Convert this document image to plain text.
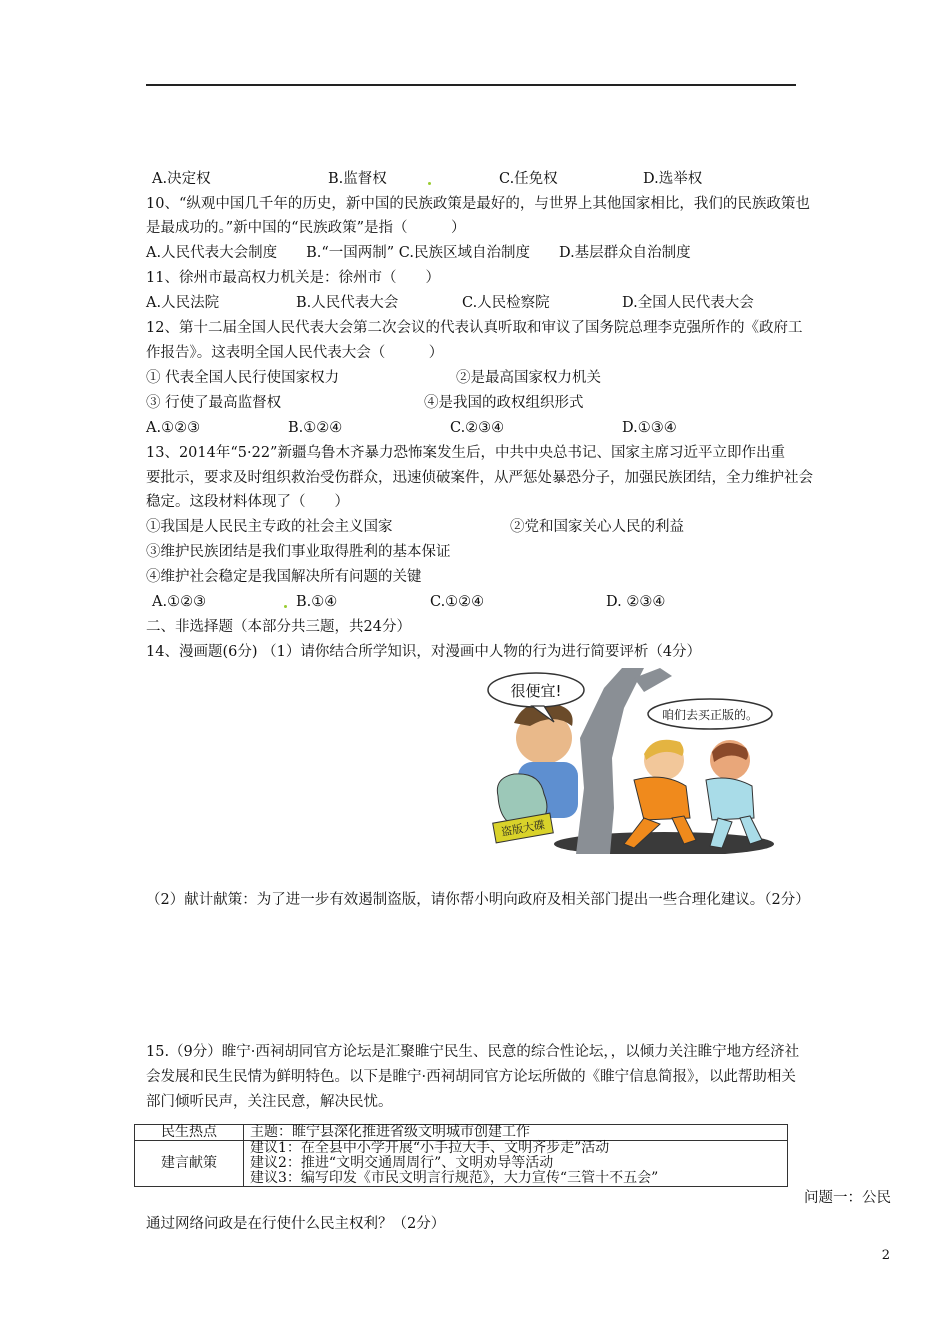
A.决定权	B.监督权	C.任免权	D.选举权
10、“纵观中国几千年的历史，新中国的民族政策是最好的，与世界上其他国家相比，我们的民族政策也
是最成功的。”新中国的“民族政策”是指（　　　）
A.人民代表大会制度　　B.“一国两制” C.民族区域自治制度　　D.基层群众自治制度
11、徐州市最高权力机关是：徐州市（　　）
A.人民法院	B.人民代表大会	C.人民检察院	D.全国人民代表大会
12、第十二届全国人民代表大会第二次会议的代表认真听取和审议了国务院总理李克强所作的《政府工
作报告》。这表明全国人民代表大会（　　　）
① 代表全国人民行使国家权力	②是最高国家权力机关
③ 行使了最高监督权	④是我国的政权组织形式
A.①②③	B.①②④	C.②③④	D.①③④
13、2014年“5·22”新疆乌鲁木齐暴力恐怖案发生后，中共中央总书记、国家主席习近平立即作出重
要批示，要求及时组织救治受伤群众，迅速侦破案件，从严惩处暴恐分子，加强民族团结，全力维护社会
稳定。这段材料体现了（　　）
①我国是人民民主专政的社会主义国家	②党和国家关心人民的利益
③维护民族团结是我们事业取得胜利的基本保证
④维护社会稳定是我国解决所有问题的关键
A.①②③	B.①④	C.①②④	D. ②③④
二、非选择题（本部分共三题，共24分）
14、漫画题(6分) （1）请你结合所学知识，对漫画中人物的行为进行简要评析（4分）
盗版大碟
很便宜!
咱们去买正版的。
（2）献计献策：为了进一步有效遏制盗版，请你帮小明向政府及相关部门提出一些合理化建议。（2分）
15.（9分）睢宁·西祠胡同官方论坛是汇聚睢宁民生、民意的综合性论坛，，以倾力关注睢宁地方经济社
会发展和民生民情为鲜明特色。以下是睢宁·西祠胡同官方论坛所做的《睢宁信息简报》，以此帮助相关
部门倾听民声，关注民意，解决民忧。
民生热点	主题：睢宁县深化推进省级文明城市创建工作
建言献策	建议1：在全县中小学开展“小手拉大手、文明齐步走”活动
建议2：推进“文明交通周周行”、文明劝导等活动
建议3：编写印发《市民文明言行规范》，大力宣传“三管十不五会”
问题一：公民
通过网络问政是在行使什么民主权利？（2分）
2
